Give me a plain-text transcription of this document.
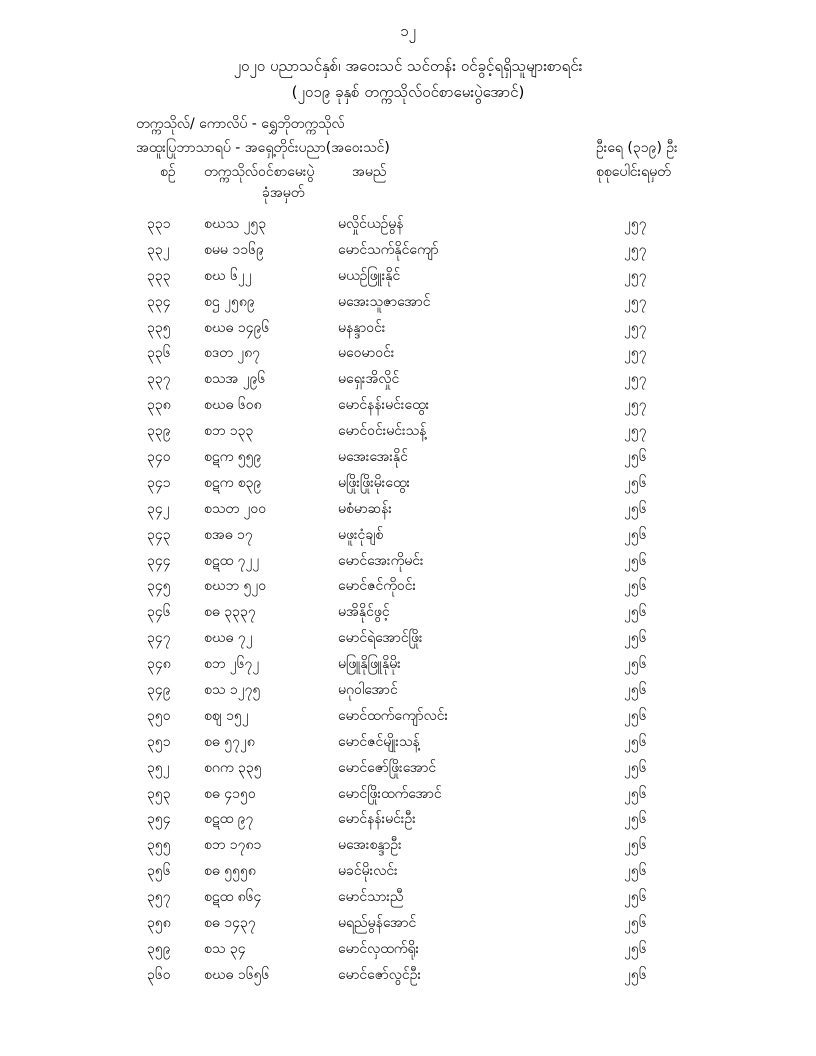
၁၂
၂၀၂၀ ပညာသင်နှစ်၊ အဝေးသင် သင်တန်း ဝင်ခွင့်ရရှိသူများစာရင်း
(၂၀၁၉ ခုနှစ် တက္ကသိုလ်ဝင်စာမေးပွဲအောင်)
တက္ကသိုလ်/ ကောလိပ် - ရွှေဘိုတက္ကသိုလ်
အထူးပြုဘာသာရပ် - အရှေ့တိုင်းပညာ(အဝေးသင်)	ဦးရေ (၃၁၉) ဦး
စဉ် တက္ကသိုလ်ဝင်စာမေးပွဲ
ခုံအမှတ်
အမည်	စုစုပေါင်းရမှတ်
၃၃၁ စဃသ ၂၅၃	မလှိုင်ယဉ်မွန်	၂၅၇
၃၃၂ စမမ ၁၁၆၉	မောင်သက်နိုင်ကျော်	၂၅၇
၃၃၃ စဃ ၆၂၂	မယဉ်ဖြူးနိုင်	၂၅၇
၃၃၄ စဌ ၂၅၈၉	မအေးသူဇာအောင်	၂၅၇
၃၃၅ စဃဓ ၁၄၉၆	မနန္ဒာဝင်း	၂၅၇
၃၃၆ စဒတ ၂၈၇	မဝေမာဝင်း	၂၅၇
၃၃၇ စသအ ၂၉၆	မရှေးအိလှိုင်	၂၅၇
၃၃၈ စဃဓ ၆၀၈	မောင်နန်းမင်းထွေး	၂၅၇
၃၃၉ စဘ ၁၃၃	မောင်ဝင်းမင်းသန့်	၂၅၇
၃၄၀ စဋက ၅၅၉	မအေးအေးနိုင်	၂၅၆
၃၄၁ စဋက စ၃၉	မဖြိုးဖြိုးမိုးထွေး	၂၅၆
၃၄၂ စသတ ၂၀၀	မစံမာဆန်း	၂၅၆
၃၄၃ စအဓ ၁၇	မဖူးငုံချစ်	၂၅၆
၃၄၄ စဋထ ၇၂၂	မောင်အေးကိုမင်း	၂၅၆
၃၄၅ စဃဘ ၅၂၀	မောင်ဇင်ကိုဝင်း	၂၅၆
၃၄၆ စဓ ၃၃၃၇	မအိနိုင်ဖွင့်	၂၅၆
၃၄၇ စဃဓ ၇၂	မောင်ရဲအောင်ဖြိုး	၂၅၆
၃၄၈ စဘ ၂၆၇၂	မဖြူနိုဖြူနိုမိုး	၂၅၆
၃၄၉ စသ ၁၂၇၅	မဂုဝါအောင်	၂၅၆
၃၅၀ စဈ ၁၅၂	မောင်ထက်ကျော်လင်း	၂၅၆
၃၅၁ စဓ ၅၇၂၈	မောင်ဇင်မျိုးသန့်	၂၅၆
၃၅၂ စဂက ၃၃၅	မောင်ဇော်ဖြိုးအောင်	၂၅၆
၃၅၃ စဓ ၄၁၅၀	မောင်ဖြိုးထက်အောင်	၂၅၆
၃၅၄ စဋထ ၉၇	မောင်နန်းမင်းဦး	၂၅၆
၃၅၅ စဘ ၁၇၈၁	မအေးစန္ဒာဦး	၂၅၆
၃၅၆ စဓ ၅၅၅၈	မခင်မိုးလင်း	၂၅၆
၃၅၇ စဋထ ၈၆၄	မောင်သားညီ	၂၅၆
၃၅၈ စဓ ၁၄၃၇	မရည်မွန်အောင်	၂၅၆
၃၅၉ စသ ၃၄	မောင်လှထက်ရိုး	၂၅၆
၃၆၀ စဃဓ ၁၆၅၆	မောင်ဇော်လွင်ဦး	၂၅၆
